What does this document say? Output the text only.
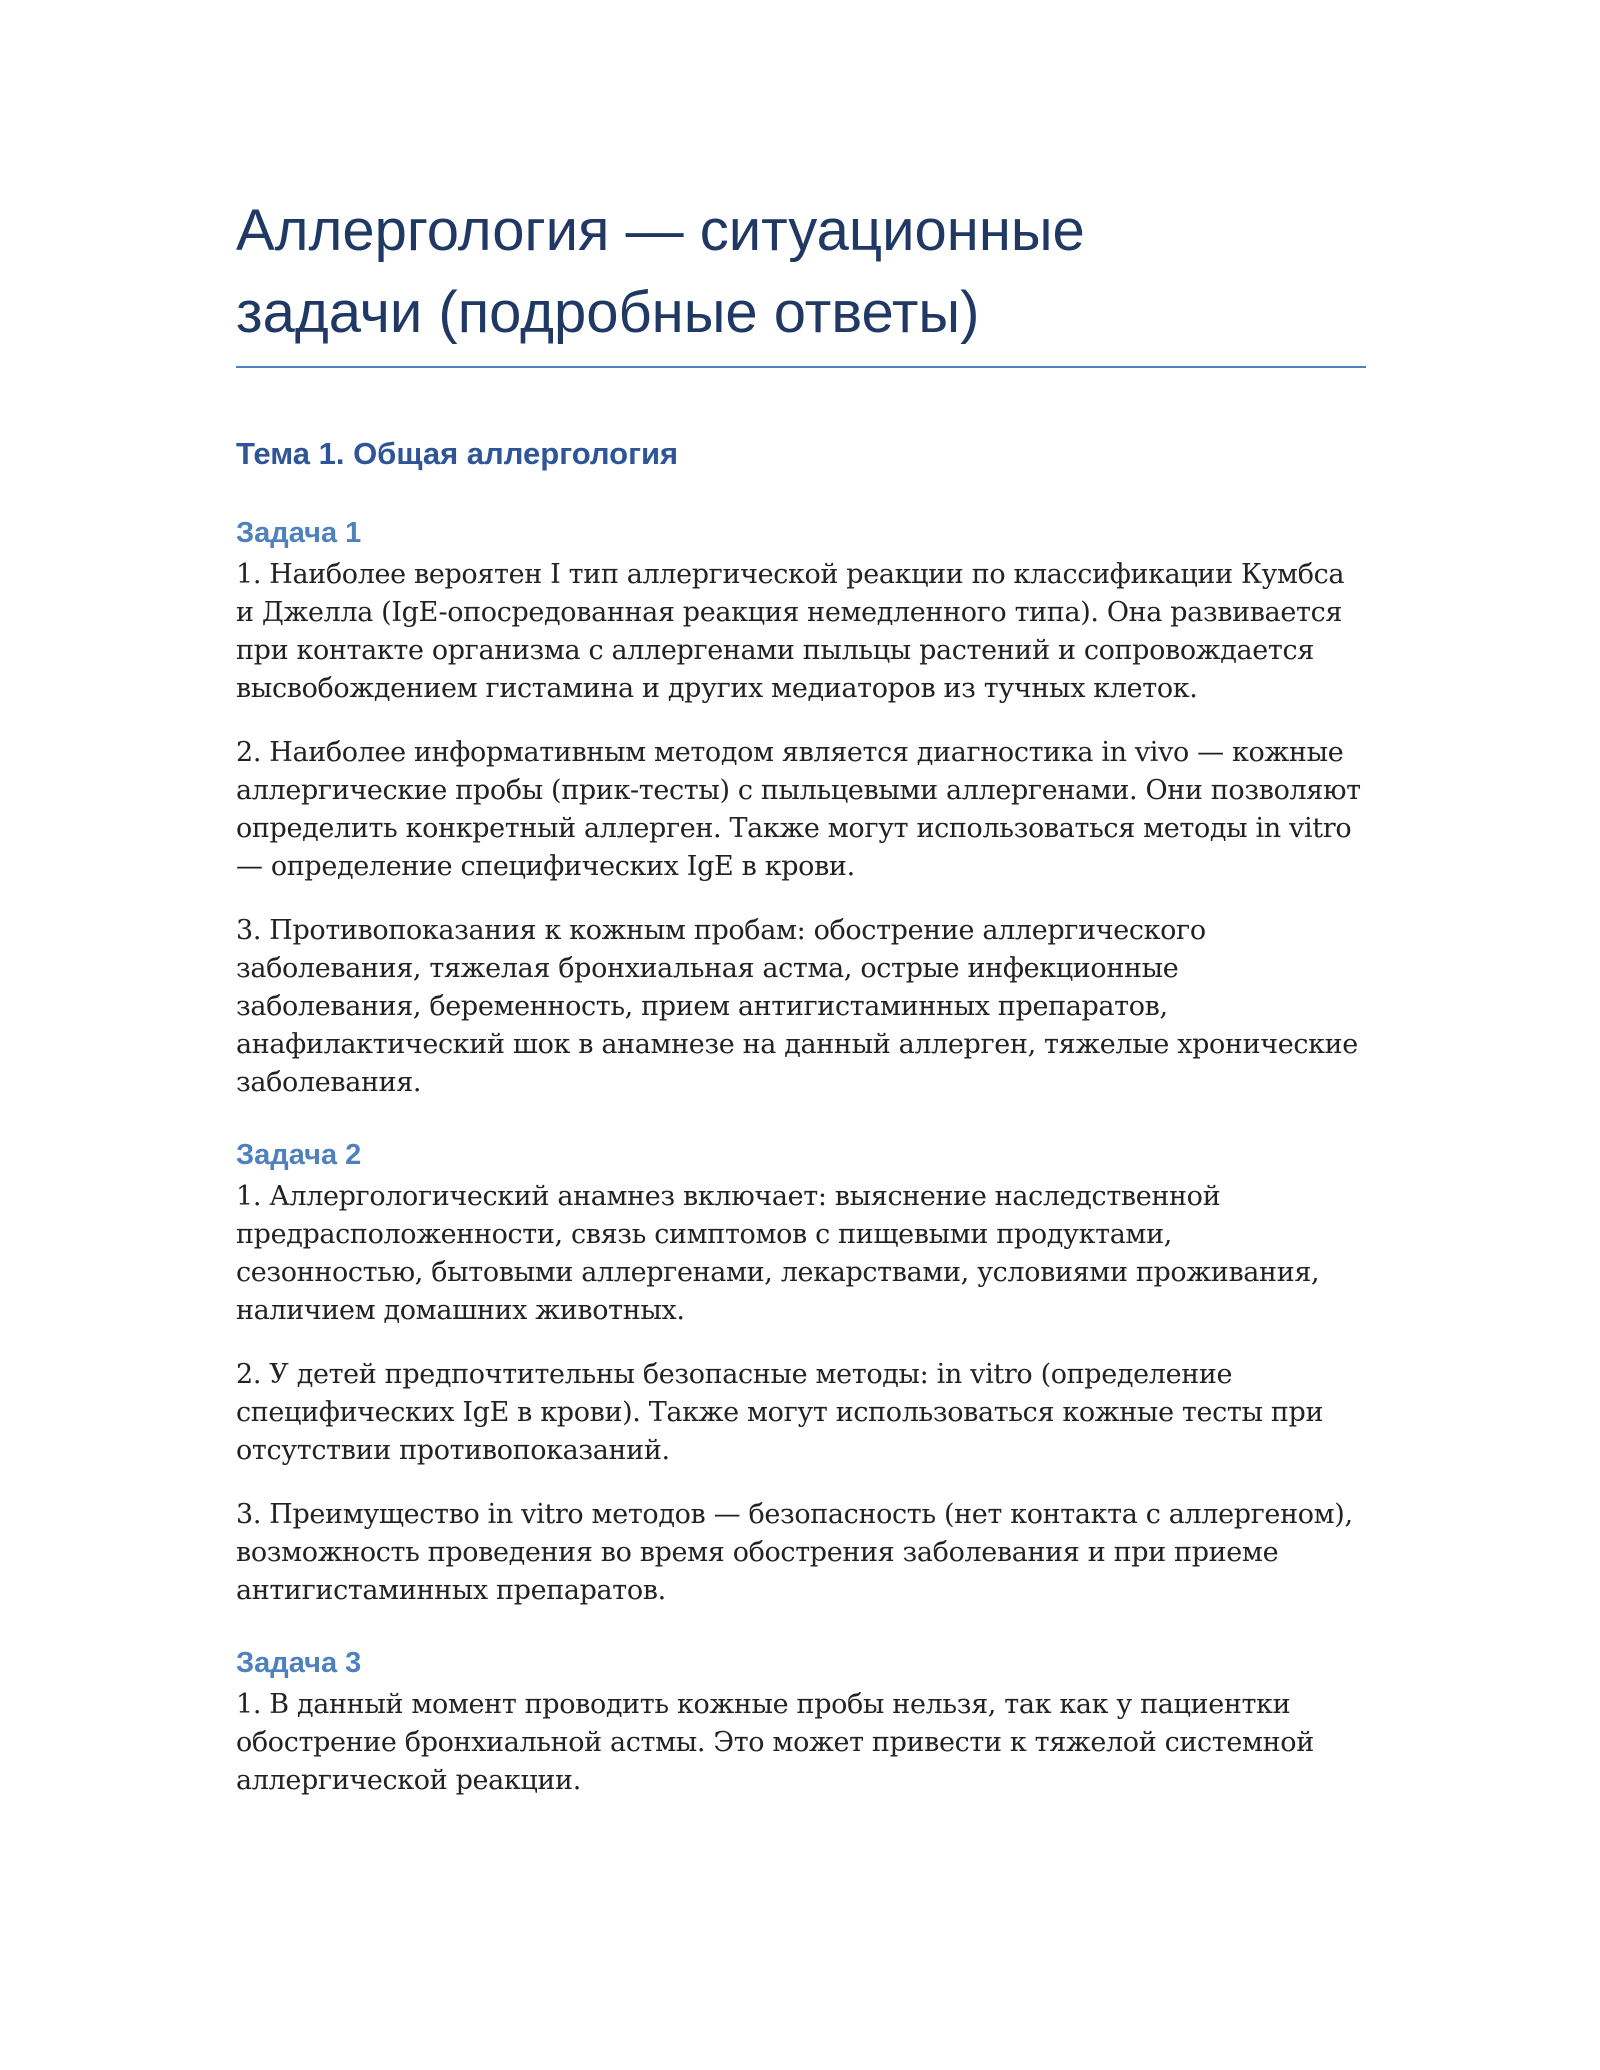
Аллергология — ситуационные
задачи (подробные ответы)
Тема 1. Общая аллергология
Задача 1

1. Наиболее вероятен I тип аллергической реакции по классификации Кумбса и Джелла (IgE-опосредованная реакция немедленного типа). Она развивается при контакте организма с аллергенами пыльцы растений и сопровождается высвобождением гистамина и других медиаторов из тучных клеток.

2. Наиболее информативным методом является диагностика in vivo — кожные аллергические пробы (прик-тесты) с пыльцевыми аллергенами. Они позволяют определить конкретный аллерген. Также могут использоваться методы in vitro — определение специфических IgE в крови.

3. Противопоказания к кожным пробам: обострение аллергического заболевания, тяжелая бронхиальная астма, острые инфекционные заболевания, беременность, прием антигистаминных препаратов, анафилактический шок в анамнезе на данный аллерген, тяжелые хронические заболевания.

Задача 2

1. Аллергологический анамнез включает: выяснение наследственной предрасположенности, связь симптомов с пищевыми продуктами, сезонностью, бытовыми аллергенами, лекарствами, условиями проживания, наличием домашних животных.

2. У детей предпочтительны безопасные методы: in vitro (определение специфических IgE в крови). Также могут использоваться кожные тесты при отсутствии противопоказаний.

3. Преимущество in vitro методов — безопасность (нет контакта с аллергеном), возможность проведения во время обострения заболевания и при приеме антигистаминных препаратов.

Задача 3

1. В данный момент проводить кожные пробы нельзя, так как у пациентки обострение бронхиальной астмы. Это может привести к тяжелой системной аллергической реакции.
